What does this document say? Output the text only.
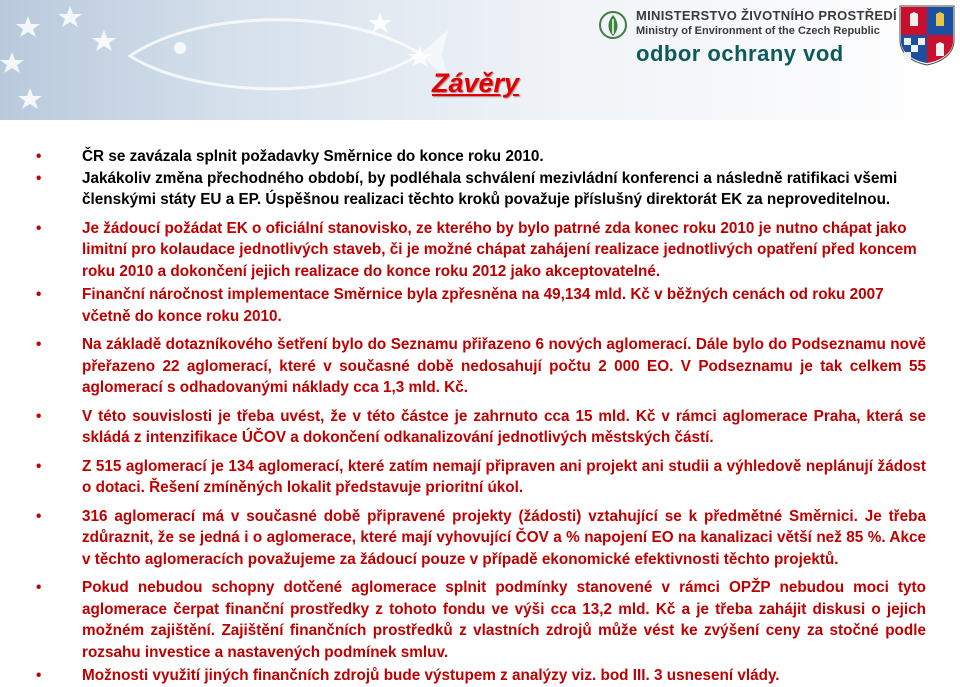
MINISTERSTVO ŽIVOTNÍHO PROSTŘEDÍ
Ministry of Environment of the Czech Republic
odbor ochrany vod
Závěry
•	ČR se zavázala splnit požadavky Směrnice do konce roku 2010.
•	Jakákoliv změna přechodného období, by podléhala schválení mezivládní konferenci a následně ratifikaci všemi členskými státy EU a EP. Úspěšnou realizaci těchto kroků považuje příslušný direktorát EK za neproveditelnou.
•	Je žádoucí požádat EK o oficiální stanovisko, ze kterého by bylo patrné zda konec roku 2010 je nutno chápat jako limitní pro kolaudace jednotlivých staveb, či je možné chápat zahájení realizace jednotlivých opatření před koncem roku 2010 a dokončení jejich realizace do konce roku 2012 jako akceptovatelné.
•	Finanční náročnost implementace Směrnice byla zpřesněna na 49,134 mld. Kč v běžných cenách od roku 2007 včetně do konce roku 2010.
•	Na základě dotazníkového šetření bylo do Seznamu přiřazeno 6 nových aglomerací. Dále bylo do Podseznamu nově přeřazeno 22 aglomerací, které v současné době nedosahují počtu 2 000 EO. V Podseznamu je tak celkem 55 aglomerací s odhadovanými náklady cca 1,3 mld. Kč.
•	V této souvislosti je třeba uvést, že v této částce je zahrnuto cca 15 mld. Kč v rámci aglomerace Praha, která se skládá z intenzifikace ÚČOV a dokončení odkanalizování jednotlivých městských částí.
•	Z 515 aglomerací je 134 aglomerací, které zatím nemají připraven ani projekt ani studii a výhledově neplánují žádost o dotaci. Řešení zmíněných lokalit představuje prioritní úkol.
•	316 aglomerací má v současné době připravené projekty (žádosti) vztahující se k předmětné Směrnici. Je třeba zdůraznit, že se jedná i o aglomerace, které mají vyhovující ČOV a % napojení EO na kanalizaci větší než 85 %. Akce v těchto aglomeracích považujeme za žádoucí pouze v případě ekonomické efektivnosti těchto projektů.
•	Pokud nebudou schopny dotčené aglomerace splnit podmínky stanovené v rámci OPŽP nebudou moci tyto aglomerace čerpat finanční prostředky z tohoto fondu ve výši cca 13,2 mld. Kč a je třeba zahájit diskusi o jejich možném zajištění. Zajištění finančních prostředků z vlastních zdrojů může vést ke zvýšení ceny za stočné podle rozsahu investice a nastavených podmínek smluv.
•	Možnosti využití jiných finančních zdrojů bude výstupem z analýzy viz. bod III. 3 usnesení vlády.
